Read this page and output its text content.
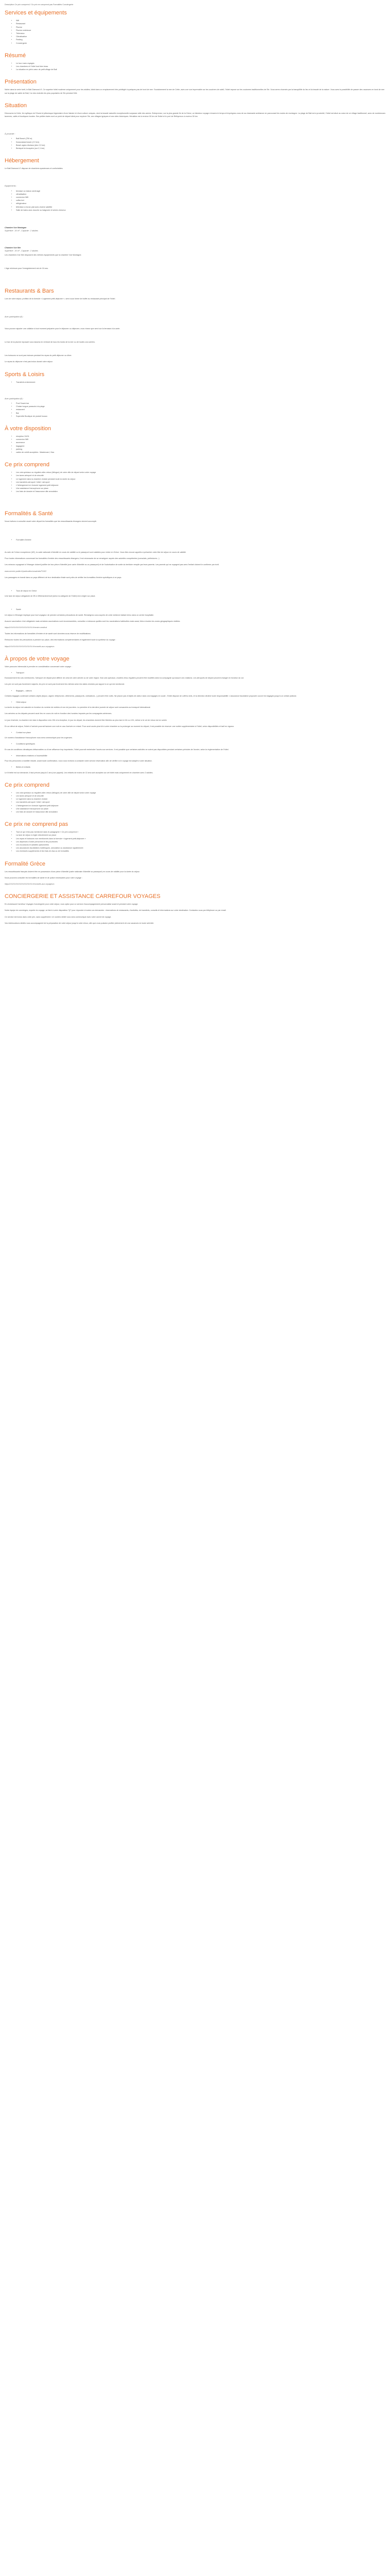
Description Ce prix comprend / Ce prix ne comprend pas Formalités Conciergerie

Services et équipements
• Wifi
• Restaurant
• Piscine
• Piscine extérieure
• Télévision
• Climatisation
• Parking
• Conciergerie
Résumé
• Le tour mars voyages
• Les chambres et l'hôtel tout bien beau
• La situation en plein cœur de petit village de Bali
Présentation

Niché dans la verte forêt, le Bali Diamond 4*, Ce superbe hôtel moderne uniquement pour les adultes, idéal dans un emplacement très privilégié à quelques pas de bord de mer. Soudainement la mer de Crète, avec une vue imprenable sur les couchers de soleil, l'hôtel repose sur les coutumes traditionnelles de l'île. Vous serez charmés par la tranquillité du lieu et la beauté de la nature. Vous avez la possibilité de passer des vacances en bord de mer sur la plage de sable de Bali, l'un des endroits les plus populaires de l'île pendant l'été.

Situation

Découvrez la Crète, île mythique de l'Ouest et pittoresque légendaire d'une histoire et d'une culture uniques, dont la beauté naturelle exceptionnelle surpasse celle des autres. Entreprenez, sur la plus grande île de la Grèce, un fabuleux voyage à travers le temps et imprégnez-vous de sa charmante ambiance en parcourant les routes de montagne. La plage de Bali est à proximité, l'hôtel est situé au cœur de ce village traditionnel, avec de nombreuses tavernes, cafés et boutiques locales. Ses petites baies sont un point de départ idéal pour explorer l'île, ses villages typiques et ses sites historiques. Héraklion est à environ 50 km de l'hôtel et le port de Réthymnon à environ 30 km.

À proximité :

• Bali Beach (750 m)
• Karavostasi beach (2.9 km)
• Beach agios nikolaos (des 2,9 km)
• Beniquet la bouquine (sur 2,1 km)
Hébergement

Le Bali Diamond 4* dispose de chambres spacieuses et confortables.

Equipements :

• terrasse ou balcon aménagé
• climatisation
• connexion Wifi
• coffre-fort
• réfrigérateur
• télévision à écran plat avec chaîne satellite
• Salle de bains avec douche ou baignoire et sèche-cheveux

Chambre Vue Montagne

Superficie : 20 m² - Capacité : 2 adultes

Chambre Vue Mer

Superficie : 20 m² - Capacité : 2 adultes

Les chambres Vue Mer disposent des mêmes équipements que la chambre Vue Montagne.

L'âge minimum pour l'enregistrement est de 16 ans.

Restaurants & Bars

Lors de votre séjour, profitez de la formule « Logement petit-déjeuner », servi sous forme de buffet au restaurant principal de l'hôtel.

Avec participation (€) :

Vous pouvez rajouter une collation à tout moment préparée pour le déjeuner ou déjeuner, vous n'avez que servi sur la terrasse à la carte.

Le bar de la piscine reposant vous lassera en rentrant de tous les bords de la mer ou de toutes vos soirées.

Les boissons ne sont pas incluses pendant les repas du petit déjeuner ou dîner.

Le repas du déjeuner n'est pas inclus durant votre séjour.

Sports & Loisirs
• Transferts enterrement

Avec participation (€) :

• Pool Snack bar
• Chaise longue parasols à la plage
• restaurant
• Bar
• Superette Boutique de produit locaux
À votre disposition
• réception 24/24
• connexion Wifi
• ascenseur
• bagagerie
• parking
• cartes de crédit acceptées : Mastercard, Visa
Ce prix comprend
• Les vols spéciaux ou réguliers aller-retour (bilingue) de votre ville de départ selon votre voyage
• Les taxes aéroport et de sécurité
• Le logement dans la chambre choisie pendant toute la durée du séjour
• Les transferts aéroport / hôtel / aéroport
• L'hébergement en formule logement petit déjeuner
• Une assistance francophone sur place
• Les frais de dossier et l'assurance dite annulation
Formalités & Santé

Nous invitons à consulter avant votre départ les formalités que les ressortissants étrangers doivent accomplir.

• Formalité d'entrée

Au sein de l'Union européenne (UE), la carte nationale d'identité en cours de validité ou le passeport sont valables pour entrer en Grèce. Vous êtes encore appelés à présenter votre titre de séjour en cours de validité.

Pour toutes informations concernant les formalités d'entrée des ressortissants étrangers, il est nécessaire de se renseigner auprès des autorités compétentes (consulats, préfectures...)

Les mineurs voyageant à l'étranger doivent justifier de leur pièce d'identité (une carte d'identité ou un passeport) et de l'autorisation de sortie du territoire remplie par leurs parents. Les parents qui ne voyagent pas avec l'enfant doivent le confirmer par écrit.

www.service-public.fr/particuliers/vosdroits/F1922

Les passagers en transit dans un pays différent de leur destination finale sont priés de vérifier les formalités d'entrée spécifiques à ce pays.

• Tous de séjour en Grèce

Une taxe de séjour obligatoire de 3€ à 15€/chambre/nuit (selon la catégorie de l'hôtel) est à régler sur place.

• Santé

Un séjour à l'étranger implique pour tout voyageur de prendre certaines précautions de santé. Renseignez-vous auprès de votre médecin traitant et/ou dans un centre hospitalier.

Aucune vaccination n'est obligatoire mais certaines vaccinations sont recommandées, consultez ci-dessous quelles sont les vaccinations habituelles mais aussi, liées à toutes les zones géographiques visitées.

https/XXXXXXXXXXXXXXXXXX.fr/centre-medical

Toutes les informations de formalités d'entrée et de santé sont données sous réserve de modifications.

Retrouvez toutes les précautions à prendre sur place, des informations complémentaires et également toute la synthèse du voyage :

https/XXXXXXXXXXXXXXXXXX.fr/conseils-aux-voyageurs

À propos de votre voyage

Votre parcours intermodal à prendre en considération concernant votre voyage :

• Transport

Exclusivement les vols mentionnés, l'aéroport de départ peut différer de celui de votre arrivée ou de votre région. Nos vols spéciaux, charters et/ou réguliers peuvent être modifiés selon la compagnie qui assure ces rotations. Les aéroports de départ peuvent changer en fonction du vol.

Les prix ne sont pas forcément majorés, les prix ne sont pas forcément les mêmes selon les dates choisies par rapport à ce qui est mentionné.

• Bagages – valeurs

Certains bagages contenant certains objets (bijoux, argent, téléphones, vêtements, passeports, ordinateurs...) peuvent être volés. Ne placez pas d'objets de valeur dans vos bagages en soute ; l'hôtel dispose de coffres-forts, et la direction décline toute responsabilité. L'assurance facultative proposée couvre les bagages jusqu'à un certain plafond.

• Hôtel-séjour

La durée du séjour est calculée en fonction du nombre de nuitées et non de journées. La première et la dernière journée de séjour sont consacrées au transport international.

Les arrivées ou les départs peuvent avoir lieu en cours de nuit en fonction des horaires imposés par les compagnies aériennes.

Le jour d'arrivée, la chambre est mise à disposition vers 15h à la réception, le jour du départ, les chambres doivent être libérées au plus tard à 11h ou 12h, même si le vol de retour est en soirée.

En ce début de séjour, l'hôtel à l'arrivée pourrait facturer une nuit en cas d'arrivée en retard. Pour avoir accès plus tôt à votre chambre ou la prolonger au moment du départ, il est possible de réserver une nuitée supplémentaire à l'hôtel, selon disponibilités et tarif en vigueur.

• Contact sur place

Un numéro d'assistance francophone vous sera communiqué pour les urgences.

• Conditions spécifiques

En cas de conditions climatiques défavorables ou d'une affluence trop importante, l'hôtel pourrait restreindre l'accès aux services. Il est possible que certaines activités ne soient pas disponibles pendant certaines périodes de l'année, selon la réglementation de l'hôtel.

• Informations relatives à l'accessibilité

Pour les personnes à mobilité réduite, avant toute confirmation, nous vous invitons à contacter notre service réservation afin de vérifier si le voyage est adapté à votre situation.

• Bébés et enfants

Le lit bébé est sur demande, il faut prévoir jusqu'à 2 ans (non payant). Les enfants de moins de 12 ans sont acceptés sur cet hôtel mais uniquement en chambre avec 2 adultes.

Ce prix comprend
• Les vols spéciaux ou réguliers aller-retour (bilingue) de votre ville de départ selon votre voyage
• Les taxes aéroport et de sécurité
• Le logement dans la chambre choisie
• Les transferts aéroport / hôtel / aéroport
• L'hébergement en formule logement petit déjeuner
• Une assistance francophone sur place
• Les frais de dossier et l'assurance dite annulation
Ce prix ne comprend pas
• Tout ce qui n'est pas mentionné dans le paragraphe « Ce prix comprend »
• La taxe de séjour à régler directement sur place
• Les repas et boissons non mentionnés dans la formule « logement petit-déjeuner »
• Les dépenses d'ordre personnel et les pourboires
• Les excursions et activités optionnelles
• Les assurances facultatives multirisques, annulation ou assistance rapatriement
• Les éventuels suppléments et les frais de visa ou de formalités
Formalité Grèce

Les ressortissants français doivent être en possession d'une pièce d'identité (carte nationale d'identité ou passeport) en cours de validité pour la durée du séjour.

Nous pouvons consulter les formalités de santé et de police nécessaires pour votre voyage :

https/XXXXXXXXXXXXXXXXXX.fr/conseils-aux-voyageurs

CONCIERGERIE ET ASSISTANCE CARREFOUR VOYAGES

En choisissant Carrefour Voyages Conciergerie pour votre séjour, vous optez pour un service d'accompagnement personnalisé avant et pendant votre voyage.

Notre équipe de concierges, experte du voyage, se tient à votre disposition 7j/7 pour répondre à toutes vos demandes : réservations de restaurants, d'activités, de transferts, conseils et informations sur votre destination. Contactez-nous par téléphone ou par email.

Ce service est inclus dans votre prix, sans supplément. Un numéro dédié vous sera communiqué avec votre carnet de voyage.

Vos interlocuteurs dédiés vous accompagnent de la préparation de votre séjour jusqu'à votre retour, afin que vous puissiez profiter pleinement de vos vacances en toute sérénité.
